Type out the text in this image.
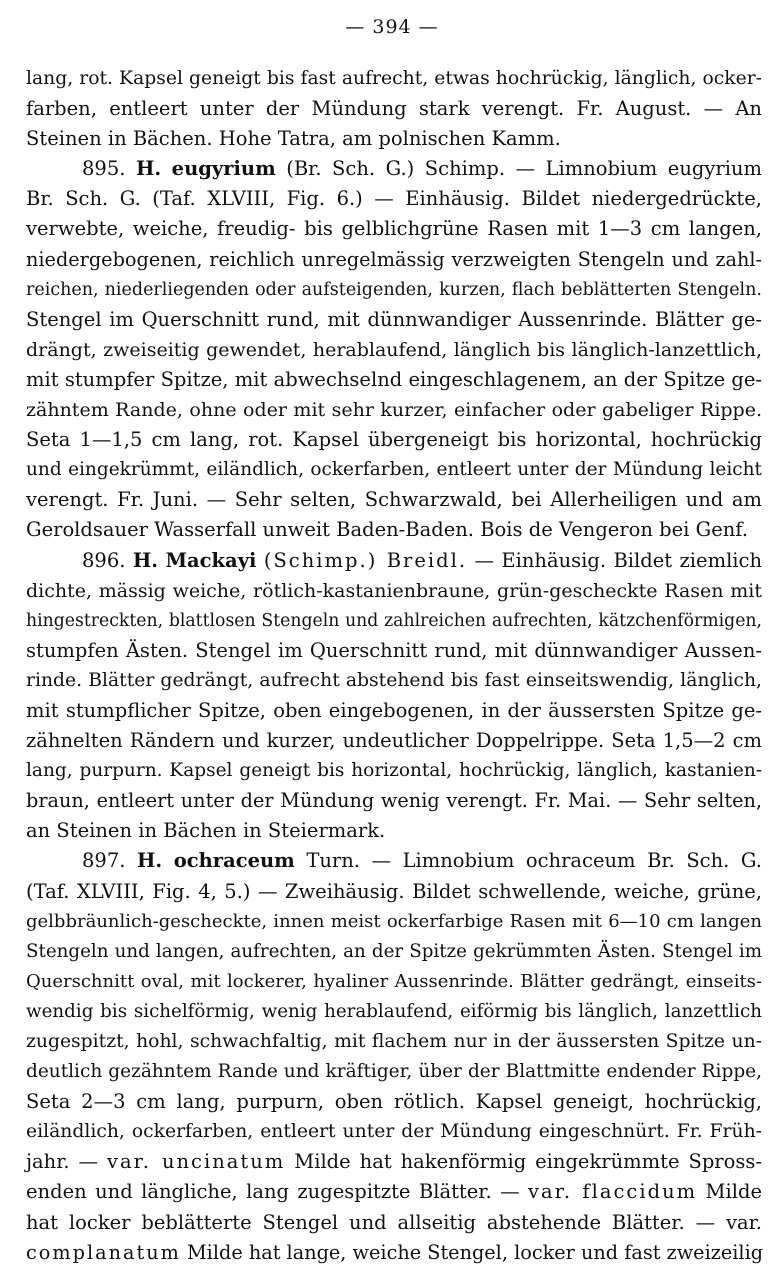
— 394 —
lang, rot. Kapsel geneigt bis fast aufrecht, etwas hochrückig, länglich, ocker-
farben, entleert unter der Mündung stark verengt. Fr. August. — An
Steinen in Bächen. Hohe Tatra, am polnischen Kamm.
895. H. eugyrium (Br. Sch. G.) Schimp. — Limnobium eugyrium
Br. Sch. G. (Taf. XLVIII, Fig. 6.) — Einhäusig. Bildet niedergedrückte,
verwebte, weiche, freudig- bis gelblichgrüne Rasen mit 1—3 cm langen,
niedergebogenen, reichlich unregelmässig verzweigten Stengeln und zahl-
reichen, niederliegenden oder aufsteigenden, kurzen, flach beblätterten Stengeln.
Stengel im Querschnitt rund, mit dünnwandiger Aussenrinde. Blätter ge-
drängt, zweiseitig gewendet, herablaufend, länglich bis länglich-lanzettlich,
mit stumpfer Spitze, mit abwechselnd eingeschlagenem, an der Spitze ge-
zähntem Rande, ohne oder mit sehr kurzer, einfacher oder gabeliger Rippe.
Seta 1—1,5 cm lang, rot. Kapsel übergeneigt bis horizontal, hochrückig
und eingekrümmt, eiländlich, ockerfarben, entleert unter der Mündung leicht
verengt. Fr. Juni. — Sehr selten, Schwarzwald, bei Allerheiligen und am
Geroldsauer Wasserfall unweit Baden-Baden. Bois de Vengeron bei Genf.
896. H. Mackayi (Schimp.) Breidl. — Einhäusig. Bildet ziemlich
dichte, mässig weiche, rötlich-kastanienbraune, grün-gescheckte Rasen mit
hingestreckten, blattlosen Stengeln und zahlreichen aufrechten, kätzchenförmigen,
stumpfen Ästen. Stengel im Querschnitt rund, mit dünnwandiger Aussen-
rinde. Blätter gedrängt, aufrecht abstehend bis fast einseitswendig, länglich,
mit stumpflicher Spitze, oben eingebogenen, in der äussersten Spitze ge-
zähnelten Rändern und kurzer, undeutlicher Doppelrippe. Seta 1,5—2 cm
lang, purpurn. Kapsel geneigt bis horizontal, hochrückig, länglich, kastanien-
braun, entleert unter der Mündung wenig verengt. Fr. Mai. — Sehr selten,
an Steinen in Bächen in Steiermark.
897. H. ochraceum Turn. — Limnobium ochraceum Br. Sch. G.
(Taf. XLVIII, Fig. 4, 5.) — Zweihäusig. Bildet schwellende, weiche, grüne,
gelbbräunlich-gescheckte, innen meist ockerfarbige Rasen mit 6—10 cm langen
Stengeln und langen, aufrechten, an der Spitze gekrümmten Ästen. Stengel im
Querschnitt oval, mit lockerer, hyaliner Aussenrinde. Blätter gedrängt, einseits-
wendig bis sichelförmig, wenig herablaufend, eiförmig bis länglich, lanzettlich
zugespitzt, hohl, schwachfaltig, mit flachem nur in der äussersten Spitze un-
deutlich gezähntem Rande und kräftiger, über der Blattmitte endender Rippe,
Seta 2—3 cm lang, purpurn, oben rötlich. Kapsel geneigt, hochrückig,
eiländlich, ockerfarben, entleert unter der Mündung eingeschnürt. Fr. Früh-
jahr. — var. uncinatum Milde hat hakenförmig eingekrümmte Spross-
enden und längliche, lang zugespitzte Blätter. — var. flaccidum Milde
hat locker beblätterte Stengel und allseitig abstehende Blätter. — var.
complanatum Milde hat lange, weiche Stengel, locker und fast zweizeilig
